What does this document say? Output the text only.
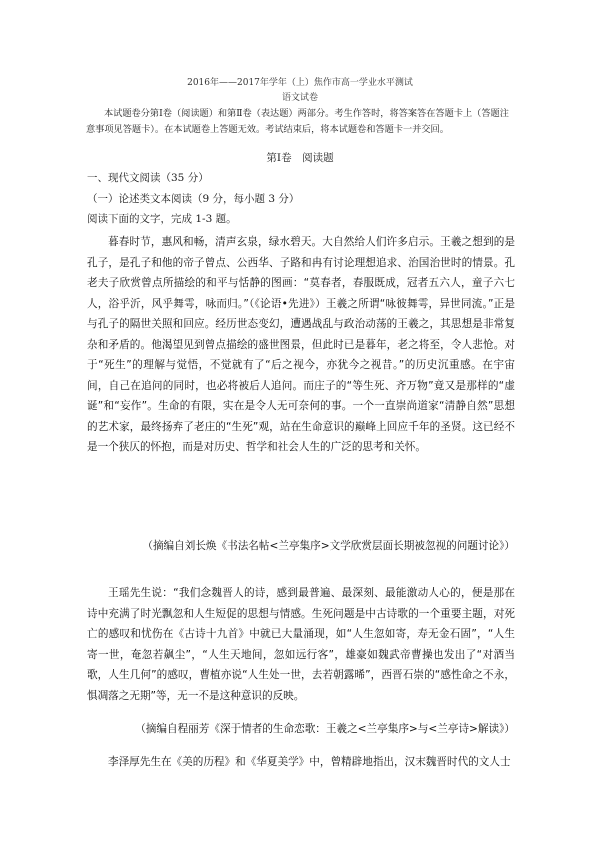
2016年——2017年学年（上）焦作市高一学业水平测试
语文试卷
本试题卷分第Ⅰ卷（阅读题）和第Ⅱ卷（表达题）两部分。考生作答时，将答案答在答题卡上（答题注意事项见答题卡）。在本试题卷上答题无效。考试结束后，将本试题卷和答题卡一并交回。
第Ⅰ卷　阅读题
一、现代文阅读（35 分）
（一）论述类文本阅读（9 分，每小题 3 分）
阅读下面的文字，完成 1-3 题。
暮春时节，惠风和畅，清声玄泉，绿水碧天。大自然给人们许多启示。王羲之想到的是孔子，是孔子和他的帝子曾点、公西华、子路和冉有讨论理想追求、治国治世时的情景。孔老夫子欣赏曾点所描绘的和平与恬静的图画：“莫春者，春服既成，冠者五六人，童子六七人，浴乎沂，风乎舞雩，咏而归。”（《论语•先进》）王羲之所谓“咏彼舞雩，异世同流。”正是与孔子的隔世关照和回应。经历世态变幻，遭遇战乱与政治动荡的王羲之，其思想是非常复杂和矛盾的。他渴望见到曾点描绘的盛世图景，但此时已是暮年，老之将至，令人悲怆。对于“死生”的理解与觉悟，不觉就有了“后之视今，亦犹今之视昔。”的历史沉重感。在宇宙间，自己在追问的同时，也必将被后人追问。而庄子的“等生死、齐万物”竟又是那样的“虚诞”和“妄作”。生命的有限，实在是令人无可奈何的事。一个一直崇尚道家“清静自然”思想的艺术家，最终扬弃了老庄的“生死”观，站在生命意识的巅峰上回应千年的圣贤。这已经不是一个狭仄的怀抱，而是对历史、哲学和社会人生的广泛的思考和关怀。
（摘编自刘长焕《书法名帖<兰亭集序>文学欣赏层面长期被忽视的问题讨论》）
王瑶先生说：“我们念魏晋人的诗，感到最普遍、最深刻、最能激动人心的，便是那在诗中充满了时光飘忽和人生短促的思想与情感。生死问题是中古诗歌的一个重要主题，对死亡的感叹和忧伤在《古诗十九首》中就已大量涌现，如“人生忽如寄，寿无金石固”，“人生寄一世，奄忽若飙尘”，“人生天地间，忽如远行客”，雄豪如魏武帝曹操也发出了“对酒当歌，人生几何”的感叹，曹植亦说“人生处一世，去若朝露晞”，西晋石崇的“感性命之不永，惧凋落之无期”等，无一不是这种意识的反映。
（摘编自程丽芳《深于情者的生命恋歌：王羲之<兰亭集序>与<兰亭诗>解读》）
李泽厚先生在《美的历程》和《华夏美学》中，曾精辟地指出，汉末魏晋时代的文人士
